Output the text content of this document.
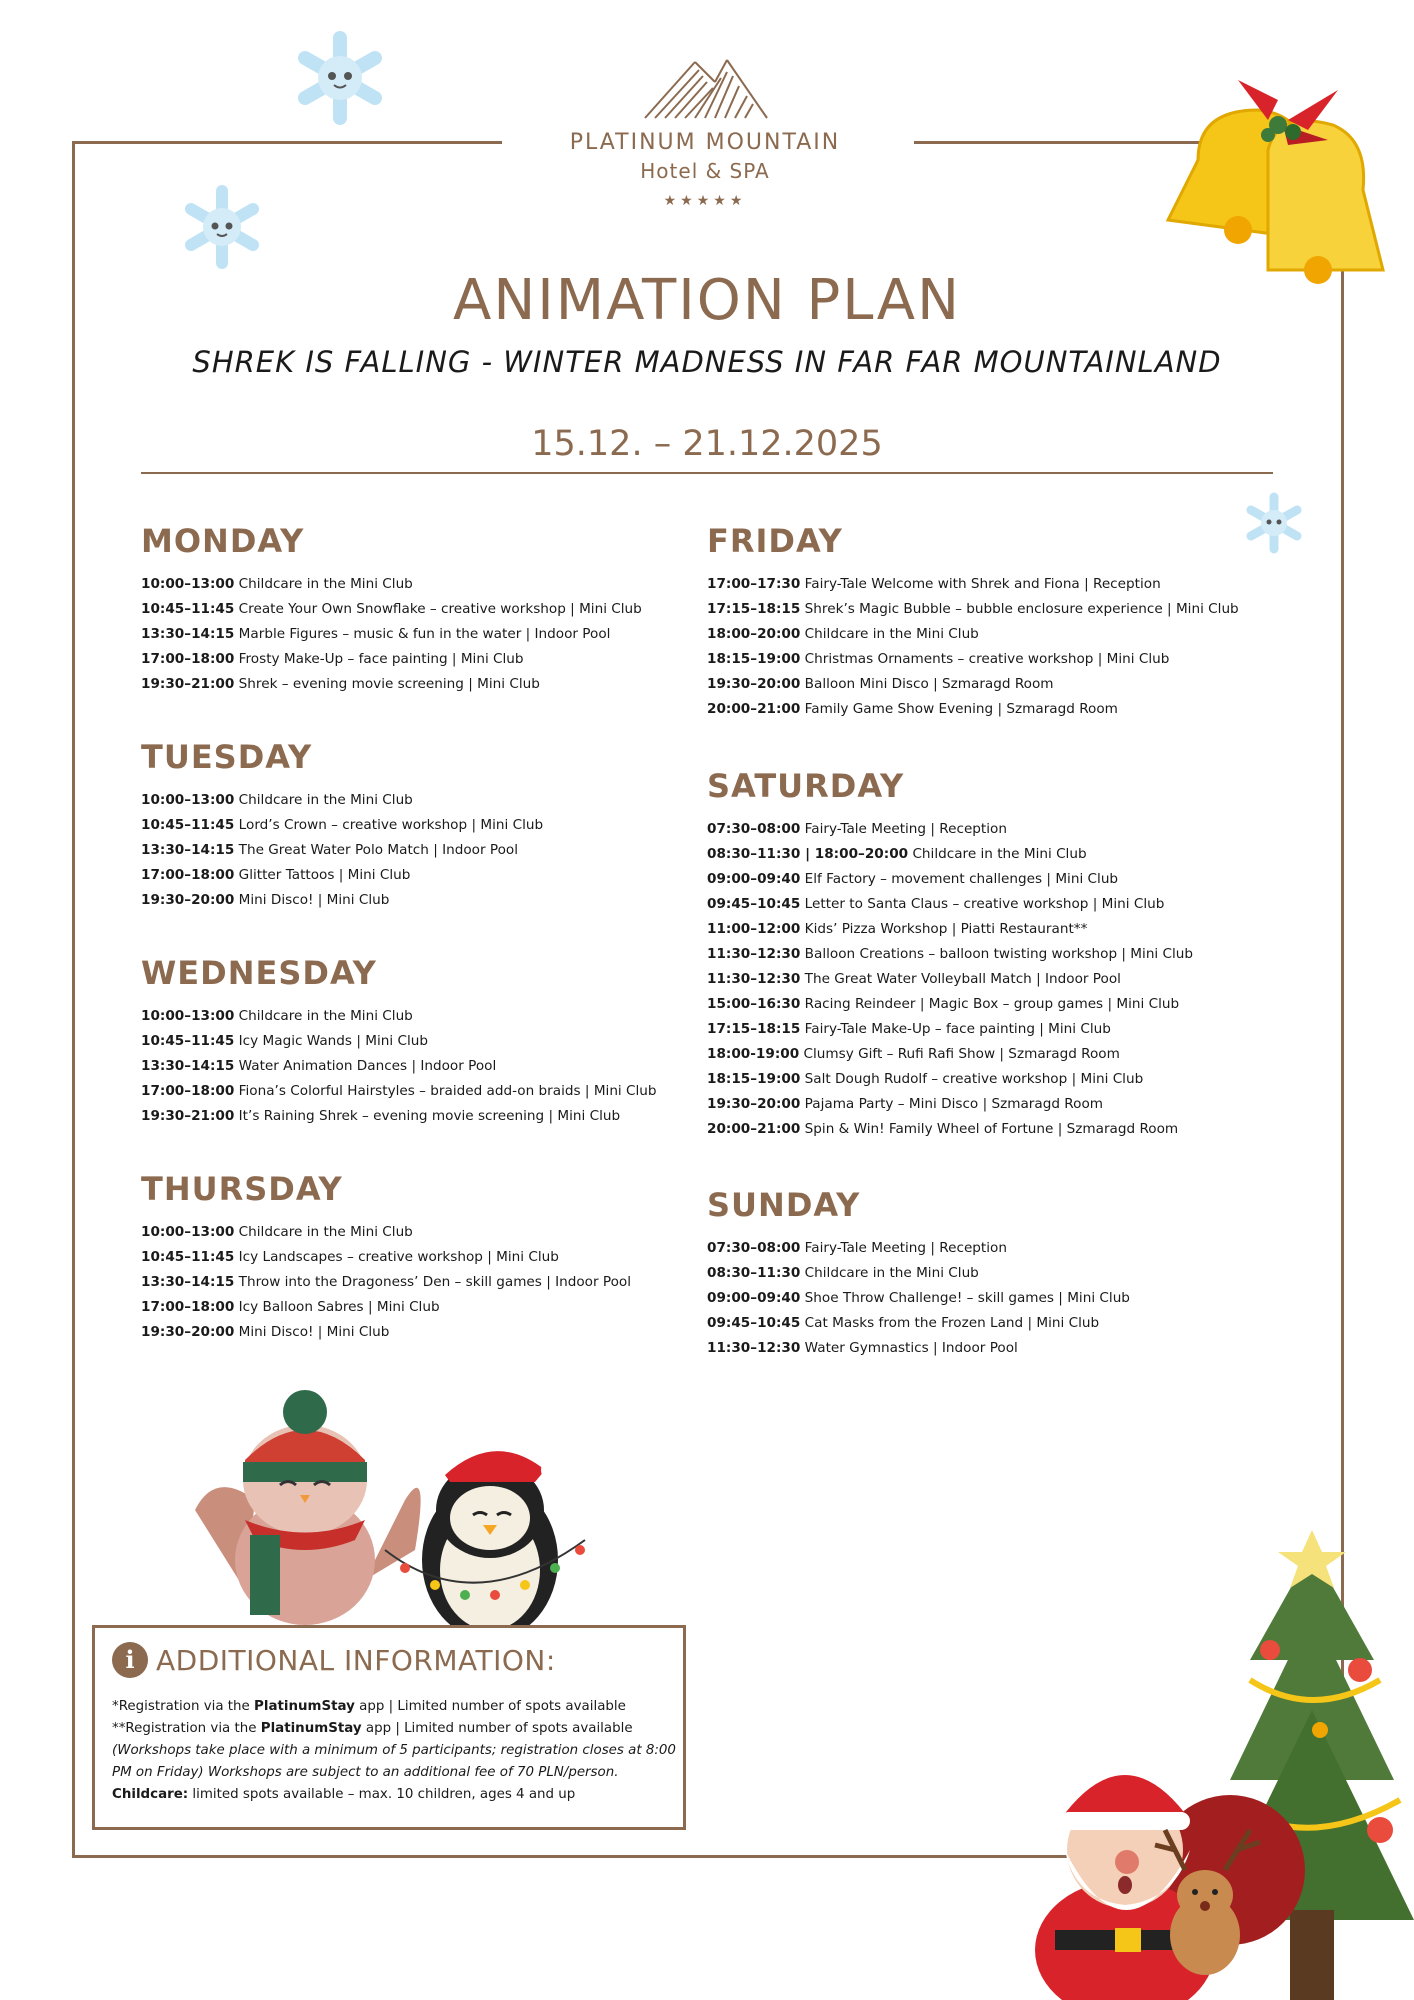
PLATINUM MOUNTAIN
Hotel & SPA
★★★★★
ANIMATION PLAN
SHREK IS FALLING - WINTER MADNESS IN FAR FAR MOUNTAINLAND
15.12. – 21.12.2025
MONDAY
10:00–13:00 Childcare in the Mini Club
10:45–11:45 Create Your Own Snowflake – creative workshop | Mini Club
13:30–14:15 Marble Figures – music & fun in the water | Indoor Pool
17:00–18:00 Frosty Make-Up – face painting | Mini Club
19:30–21:00 Shrek – evening movie screening | Mini Club
TUESDAY
10:00–13:00 Childcare in the Mini Club
10:45–11:45 Lord’s Crown – creative workshop | Mini Club
13:30–14:15 The Great Water Polo Match | Indoor Pool
17:00–18:00 Glitter Tattoos | Mini Club
19:30–20:00 Mini Disco! | Mini Club
WEDNESDAY
10:00–13:00 Childcare in the Mini Club
10:45–11:45 Icy Magic Wands | Mini Club
13:30–14:15 Water Animation Dances | Indoor Pool
17:00–18:00 Fiona’s Colorful Hairstyles – braided add-on braids | Mini Club
19:30–21:00 It’s Raining Shrek – evening movie screening | Mini Club
THURSDAY
10:00–13:00 Childcare in the Mini Club
10:45–11:45 Icy Landscapes – creative workshop | Mini Club
13:30–14:15 Throw into the Dragoness’ Den – skill games | Indoor Pool
17:00–18:00 Icy Balloon Sabres | Mini Club
19:30–20:00 Mini Disco! | Mini Club
FRIDAY
17:00–17:30 Fairy-Tale Welcome with Shrek and Fiona | Reception
17:15–18:15 Shrek’s Magic Bubble – bubble enclosure experience | Mini Club
18:00–20:00 Childcare in the Mini Club
18:15–19:00 Christmas Ornaments – creative workshop | Mini Club
19:30–20:00 Balloon Mini Disco | Szmaragd Room
20:00–21:00 Family Game Show Evening | Szmaragd Room
SATURDAY
07:30–08:00 Fairy-Tale Meeting | Reception
08:30–11:30 | 18:00–20:00 Childcare in the Mini Club
09:00–09:40 Elf Factory – movement challenges | Mini Club
09:45–10:45 Letter to Santa Claus – creative workshop | Mini Club
11:00–12:00 Kids’ Pizza Workshop | Piatti Restaurant**
11:30–12:30 Balloon Creations – balloon twisting workshop | Mini Club
11:30–12:30 The Great Water Volleyball Match | Indoor Pool
15:00–16:30 Racing Reindeer | Magic Box – group games | Mini Club
17:15–18:15 Fairy-Tale Make-Up – face painting | Mini Club
18:00-19:00 Clumsy Gift – Rufi Rafi Show | Szmaragd Room
18:15–19:00 Salt Dough Rudolf – creative workshop | Mini Club
19:30–20:00 Pajama Party – Mini Disco | Szmaragd Room
20:00–21:00 Spin & Win! Family Wheel of Fortune | Szmaragd Room
SUNDAY
07:30–08:00 Fairy-Tale Meeting | Reception
08:30–11:30 Childcare in the Mini Club
09:00–09:40 Shoe Throw Challenge! – skill games | Mini Club
09:45–10:45 Cat Masks from the Frozen Land | Mini Club
11:30–12:30 Water Gymnastics | Indoor Pool
i ADDITIONAL INFORMATION:
*Registration via the PlatinumStay app | Limited number of spots available
**Registration via the PlatinumStay app | Limited number of spots available
(Workshops take place with a minimum of 5 participants; registration closes at 8:00 PM on Friday) Workshops are subject to an additional fee of 70 PLN/person. Childcare: limited spots available – max. 10 children, ages 4 and up
